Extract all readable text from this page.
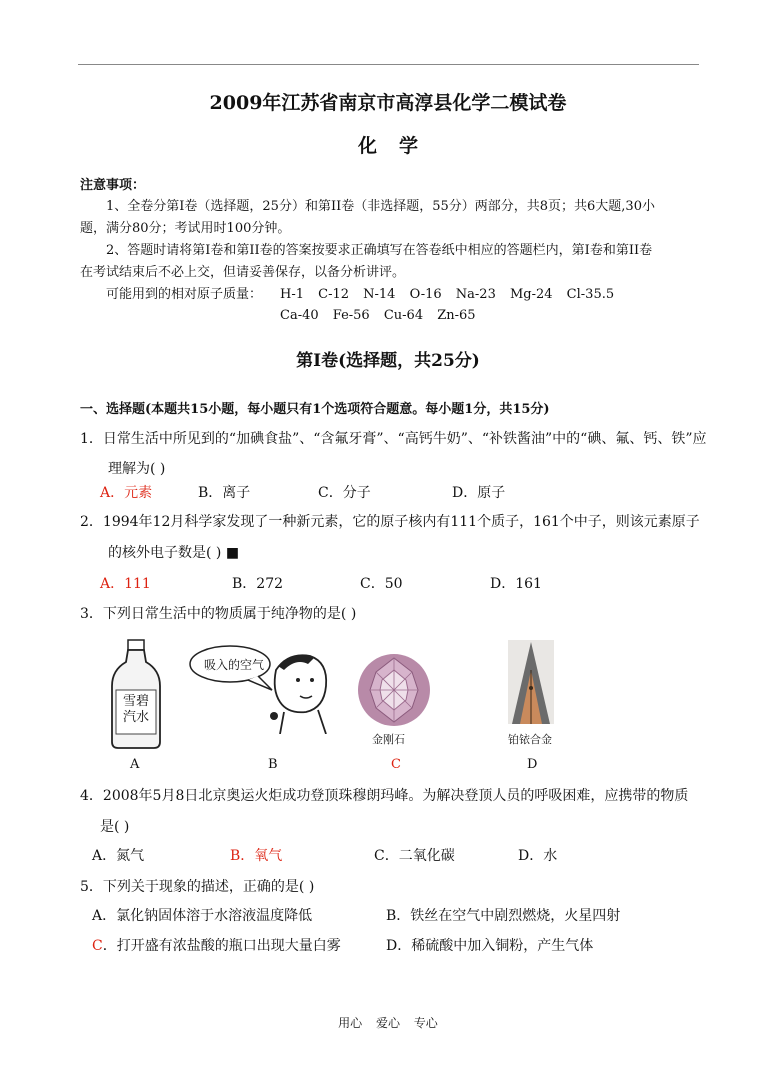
2009年江苏省南京市高淳县化学二模试卷
化学
注意事项：
1、全卷分第I卷（选择题，25分）和第II卷（非选择题，55分）两部分，共8页；共6大题,30小
题，满分80分；考试用时100分钟。
2、答题时请将第I卷和第II卷的答案按要求正确填写在答卷纸中相应的答题栏内，第I卷和第II卷
在考试结束后不必上交，但请妥善保存，以备分析讲评。
可能用到的相对原子质量： H-1 C-12 N-14 O-16 Na-23 Mg-24 Cl-35.5
Ca-40 Fe-56 Cu-64 Zn-65
第I卷(选择题，共25分)
一、选择题(本题共15小题，每小题只有1个选项符合题意。每小题1分，共15分)
1．日常生活中所见到的“加碘食盐”、“含氟牙膏”、“高钙牛奶”、“补铁酱油”中的“碘、氟、钙、铁”应
理解为( )
A．元素	B．离子	C．分子	D．原子
2．1994年12月科学家发现了一种新元素，它的原子核内有111个质子，161个中子，则该元素原子
的核外电子数是( ) ■
A．111	B．272	C．50	D．161
3．下列日常生活中的物质属于纯净物的是( )
雪碧汽水
吸入的空气
金刚石	铂铱合金
A	B	C	D
4．2008年5月8日北京奥运火炬成功登顶珠穆朗玛峰。为解决登顶人员的呼吸困难，应携带的物质
是( )
A．氮气	B．氧气	C．二氧化碳	D．水
5．下列关于现象的描述，正确的是( )
A．氯化钠固体溶于水溶液温度降低	B．铁丝在空气中剧烈燃烧，火星四射
C．打开盛有浓盐酸的瓶口出现大量白雾	D．稀硫酸中加入铜粉，产生气体
用心 爱心 专心
